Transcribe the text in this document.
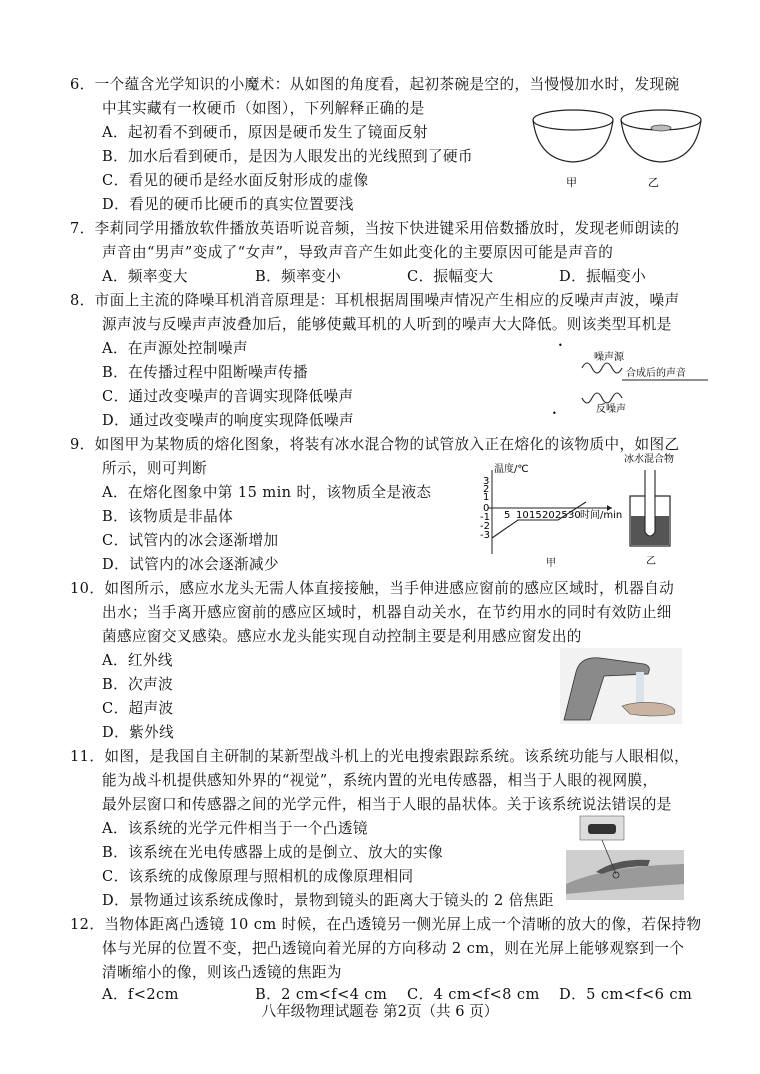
6．一个蕴含光学知识的小魔术：从如图的角度看，起初茶碗是空的，当慢慢加水时，发现碗
中其实藏有一枚硬币（如图），下列解释正确的是
A．起初看不到硬币，原因是硬币发生了镜面反射
B．加水后看到硬币，是因为人眼发出的光线照到了硬币
C．看见的硬币是经水面反射形成的虚像
D．看见的硬币比硬币的真实位置要浅
甲	乙
7．李莉同学用播放软件播放英语听说音频，当按下快进键采用倍数播放时，发现老师朗读的
声音由“男声”变成了“女声”，导致声音产生如此变化的主要原因可能是声音的
A．频率变大	B．频率变小	C．振幅变大	D．振幅变小
8．市面上主流的降噪耳机消音原理是：耳机根据周围噪声情况产生相应的反噪声声波，噪声
源声波与反噪声声波叠加后，能够使戴耳机的人听到的噪声大大降低。则该类型耳机是
A．在声源处控制噪声
B．在传播过程中阻断噪声传播
C．通过改变噪声的音调实现降低噪声
D．通过改变噪声的响度实现降低噪声
噪声源
合成后的声音
反噪声
•
•
9．如图甲为某物质的熔化图象，将装有冰水混合物的试管放入正在熔化的该物质中，如图乙
所示，则可判断
A．在熔化图象中第 15 min 时，该物质全是液态
B．该物质是非晶体
C．试管内的冰会逐渐增加
D．试管内的冰会逐渐减少
温度/℃
3
2
1
0
-1
-2
-3
5 10 15 20 25 30 时间/min
甲
冰水混合物
乙
10．如图所示，感应水龙头无需人体直接接触，当手伸进感应窗前的感应区域时，机器自动
出水；当手离开感应窗前的感应区域时，机器自动关水，在节约用水的同时有效防止细
菌感应窗交叉感染。感应水龙头能实现自动控制主要是利用感应窗发出的
A．红外线
B．次声波
C．超声波
D．紫外线
11．如图，是我国自主研制的某新型战斗机上的光电搜索跟踪系统。该系统功能与人眼相似，
能为战斗机提供感知外界的“视觉”，系统内置的光电传感器，相当于人眼的视网膜，
最外层窗口和传感器之间的光学元件，相当于人眼的晶状体。关于该系统说法错误的是
A．该系统的光学元件相当于一个凸透镜
B．该系统在光电传感器上成的是倒立、放大的实像
C．该系统的成像原理与照相机的成像原理相同
D．景物通过该系统成像时，景物到镜头的距离大于镜头的 2 倍焦距
12．当物体距离凸透镜 10 cm 时候，在凸透镜另一侧光屏上成一个清晰的放大的像，若保持物
体与光屏的位置不变，把凸透镜向着光屏的方向移动 2 cm，则在光屏上能够观察到一个
清晰缩小的像，则该凸透镜的焦距为
A．f<2cm	B．2 cm<f<4 cm C．4 cm<f<8 cm D．5 cm<f<6 cm
八年级物理试题卷 第2页（共 6 页）
